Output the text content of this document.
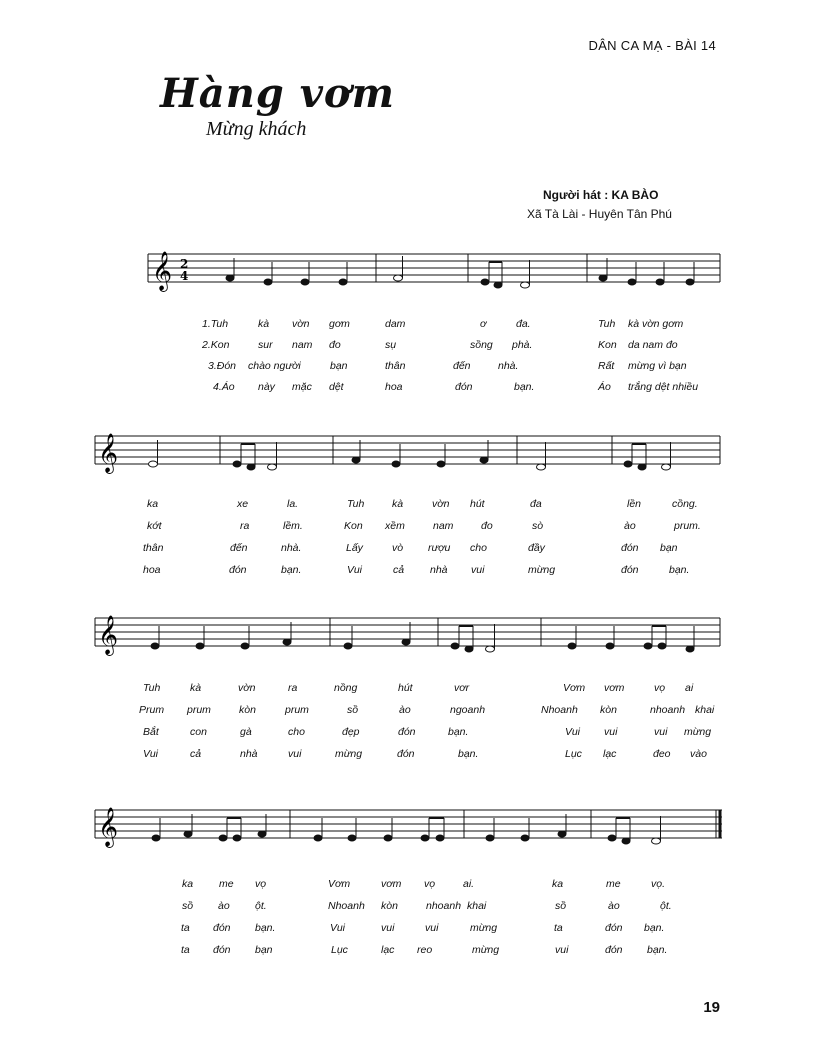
DÂN CA MẠ - BÀI 14
Hàng vơm
Mừng khách
Người hát : KA BÀO
Xã Tà Lài - Huyên Tân Phú
𝄞 2
4
𝄞
𝄞
𝄞
1.Tuh	kà vờn gơm	dam	ơ	đa.	Tuh kà vờn gơm
2.Kon	sur nam đo	sụ	sồng phà.	Kon da nam đo
3.Đón chào người	bạn	thân	đến	nhà.	Rất mừng vì bạn
4.Áo này mặc dệt	hoa	đón	bạn.	Áo trắng dệt nhiều
ka	xe	la.	Tuh	kà	vờn hút	đa	lền	cồng.
kớt	ra	lềm.	Kon xềm	nam	đo	sò	ào	prum.
thân	đến	nhà.	Lấy	vò rượu cho	đầy	đón bạn
hoa	đón	bạn.	Vui	cả nhà vui	mừng	đón	bạn.
Tuh	kà	vờn	ra	nồng	hút	vơr	Vơm vơm	vọ ai
Prum prum	kòn	prum	sồ	ào	ngoanh	Nhoanh kòn	nhoanh khai
Bắt	con	gà	cho	đẹp	đón	bạn.	Vui vui	vui mừng
Vui	cả	nhà	vui	mừng	đón	bạn.	Lục lạc	đeo vào
ka me vọ	Vơm	vơm vọ	ai.	ka	me	vọ.
sồ ào ột.	Nhoanh kòn	nhoanh khai	sồ	ào	ột.
ta đón bạn.	Vui	vui	vui	mừng	ta	đón bạn.
ta đón bạn	Lục	lạc reo	mừng	vui	đón bạn.
19
